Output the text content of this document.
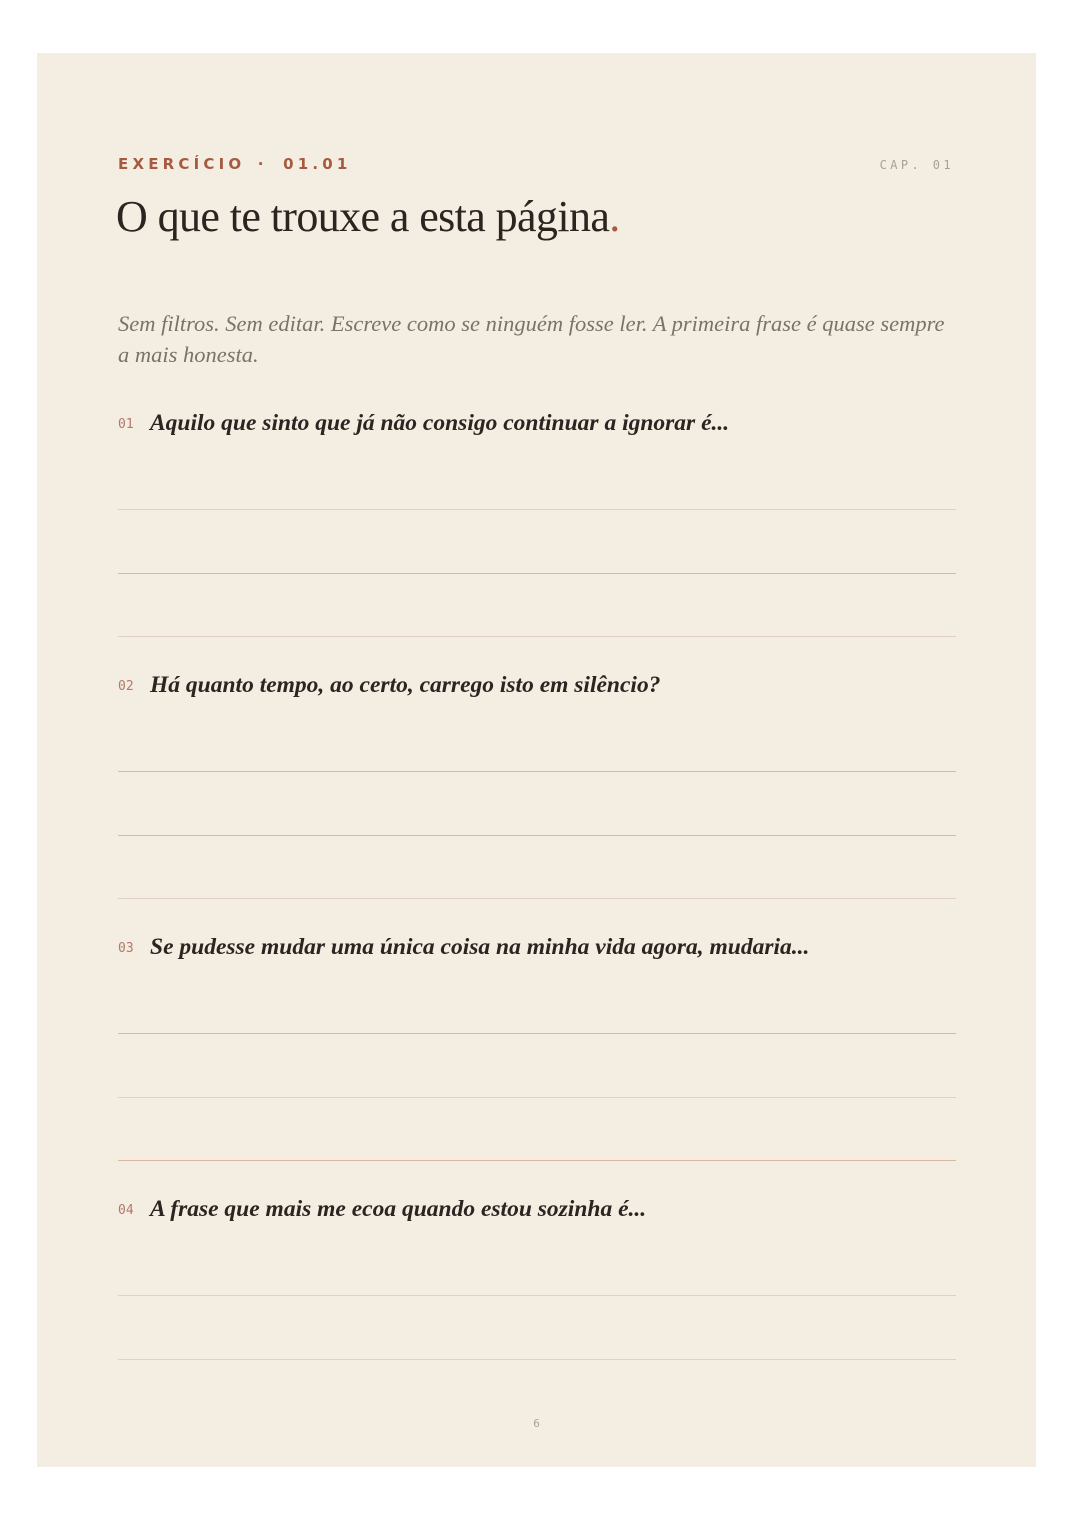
EXERCÍCIO · 01.01	CAP. 01
O que te trouxe a esta página.

Sem filtros. Sem editar. Escreve como se ninguém fosse ler. A primeira frase é quase sempre a mais honesta.

01 Aquilo que sinto que já não consigo continuar a ignorar é...
02 Há quanto tempo, ao certo, carrego isto em silêncio?
03 Se pudesse mudar uma única coisa na minha vida agora, mudaria...
04 A frase que mais me ecoa quando estou sozinha é...
6
